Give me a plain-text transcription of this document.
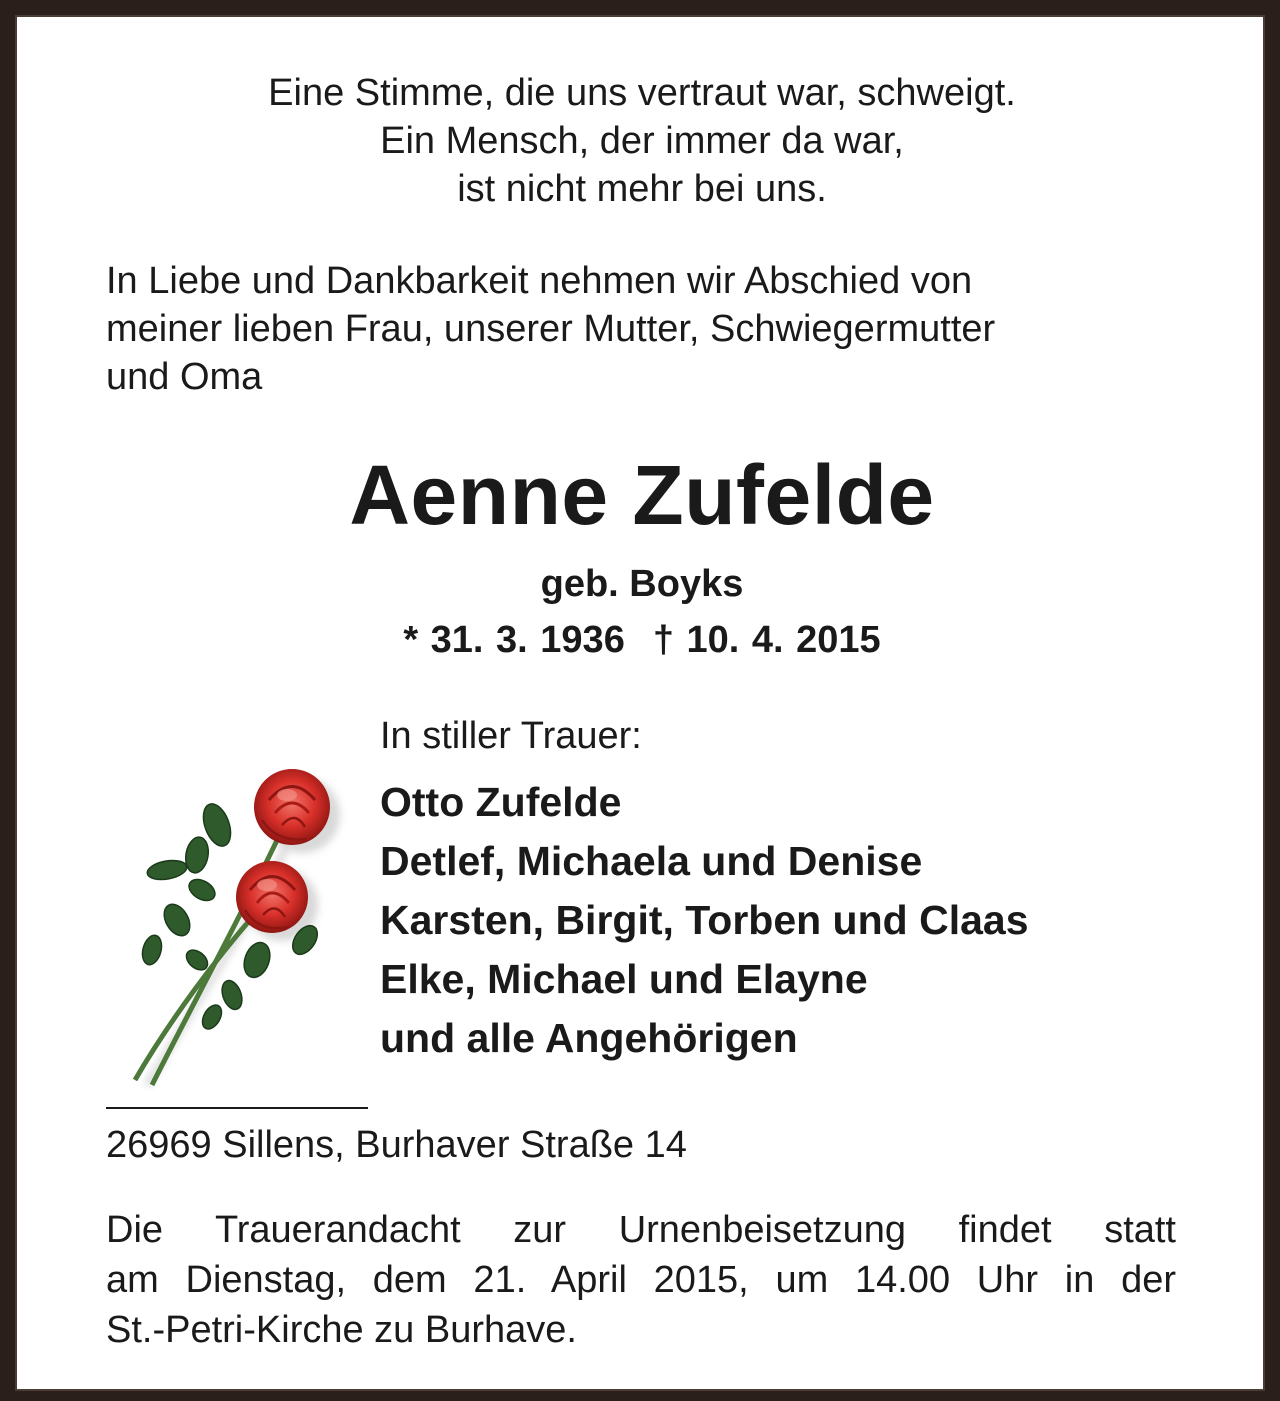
Eine Stimme, die uns vertraut war, schweigt.
Ein Mensch, der immer da war,
ist nicht mehr bei uns.

In Liebe und Dankbarkeit nehmen wir Abschied von
meiner lieben Frau, unserer Mutter, Schwiegermutter
und Oma

Aenne Zufelde

geb. Boyks

* 31. 3. 1936 † 10. 4. 2015

In stiller Trauer:

Otto Zufelde
Detlef, Michaela und Denise
Karsten, Birgit, Torben und Claas
Elke, Michael und Elayne
und alle Angehörigen

26969 Sillens, Burhaver Straße 14

Die Trauerandacht zur Urnenbeisetzung findet statt
am Dienstag, dem 21. April 2015, um 14.00 Uhr in der
St.-Petri-Kirche zu Burhave.
